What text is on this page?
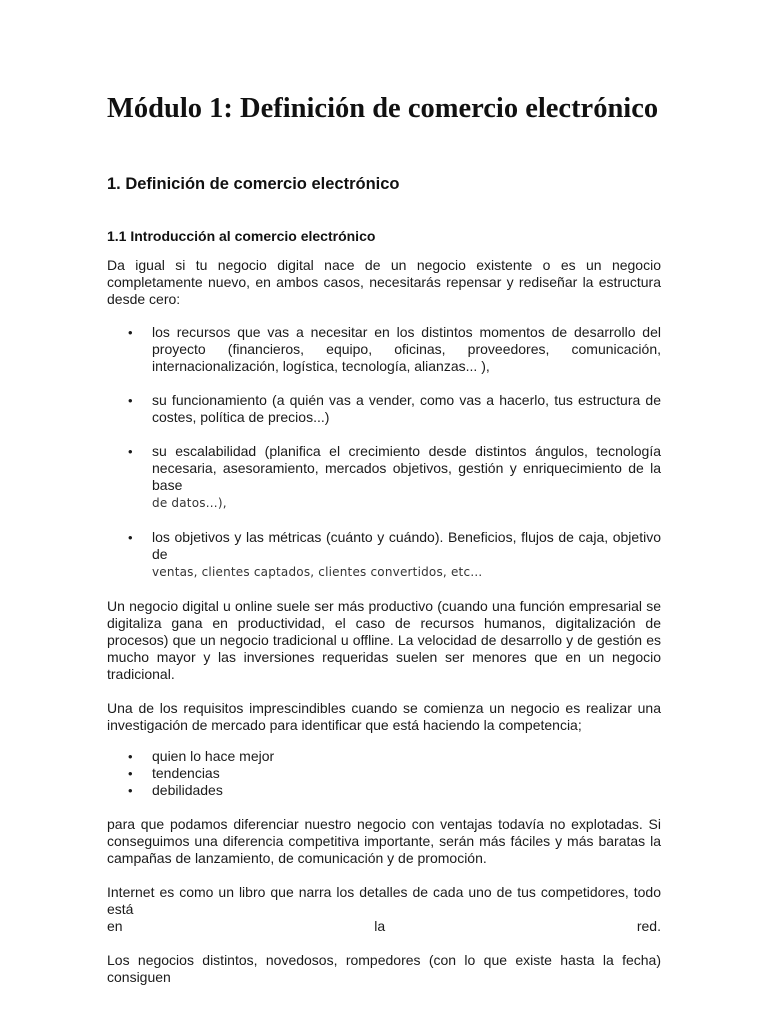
Módulo 1: Definición de comercio electrónico
1. Definición de comercio electrónico
1.1 Introducción al comercio electrónico

Da igual si tu negocio digital nace de un negocio existente o es un negocio completamente nuevo, en ambos casos, necesitarás repensar y rediseñar la estructura desde cero:

• los recursos que vas a necesitar en los distintos momentos de desarrollo del proyecto (financieros, equipo, oficinas, proveedores, comunicación, internacionalización, logística, tecnología, alianzas... ),
• su funcionamiento (a quién vas a vender, como vas a hacerlo, tus estructura de costes, política de precios...)
• su escalabilidad (planifica el crecimiento desde distintos ángulos, tecnología necesaria, asesoramiento, mercados objetivos, gestión y enriquecimiento de la base
de datos…),
• los objetivos y las métricas (cuánto y cuándo). Beneficios, flujos de caja, objetivo de
ventas, clientes captados, clientes convertidos, etc…

Un negocio digital u online suele ser más productivo (cuando una función empresarial se digitaliza gana en productividad, el caso de recursos humanos, digitalización de procesos) que un negocio tradicional u offline. La velocidad de desarrollo y de gestión es mucho mayor y las inversiones requeridas suelen ser menores que en un negocio tradicional.

Una de los requisitos imprescindibles cuando se comienza un negocio es realizar una investigación de mercado para identificar que está haciendo la competencia;

• quien lo hace mejor
• tendencias
• debilidades

para que podamos diferenciar nuestro negocio con ventajas todavía no explotadas. Si conseguimos una diferencia competitiva importante, serán más fáciles y más baratas la campañas de lanzamiento, de comunicación y de promoción.

Internet es como un libro que narra los detalles de cada uno de tus competidores, todo está

en	la	red.

Los negocios distintos, novedosos, rompedores (con lo que existe hasta la fecha) consiguen
